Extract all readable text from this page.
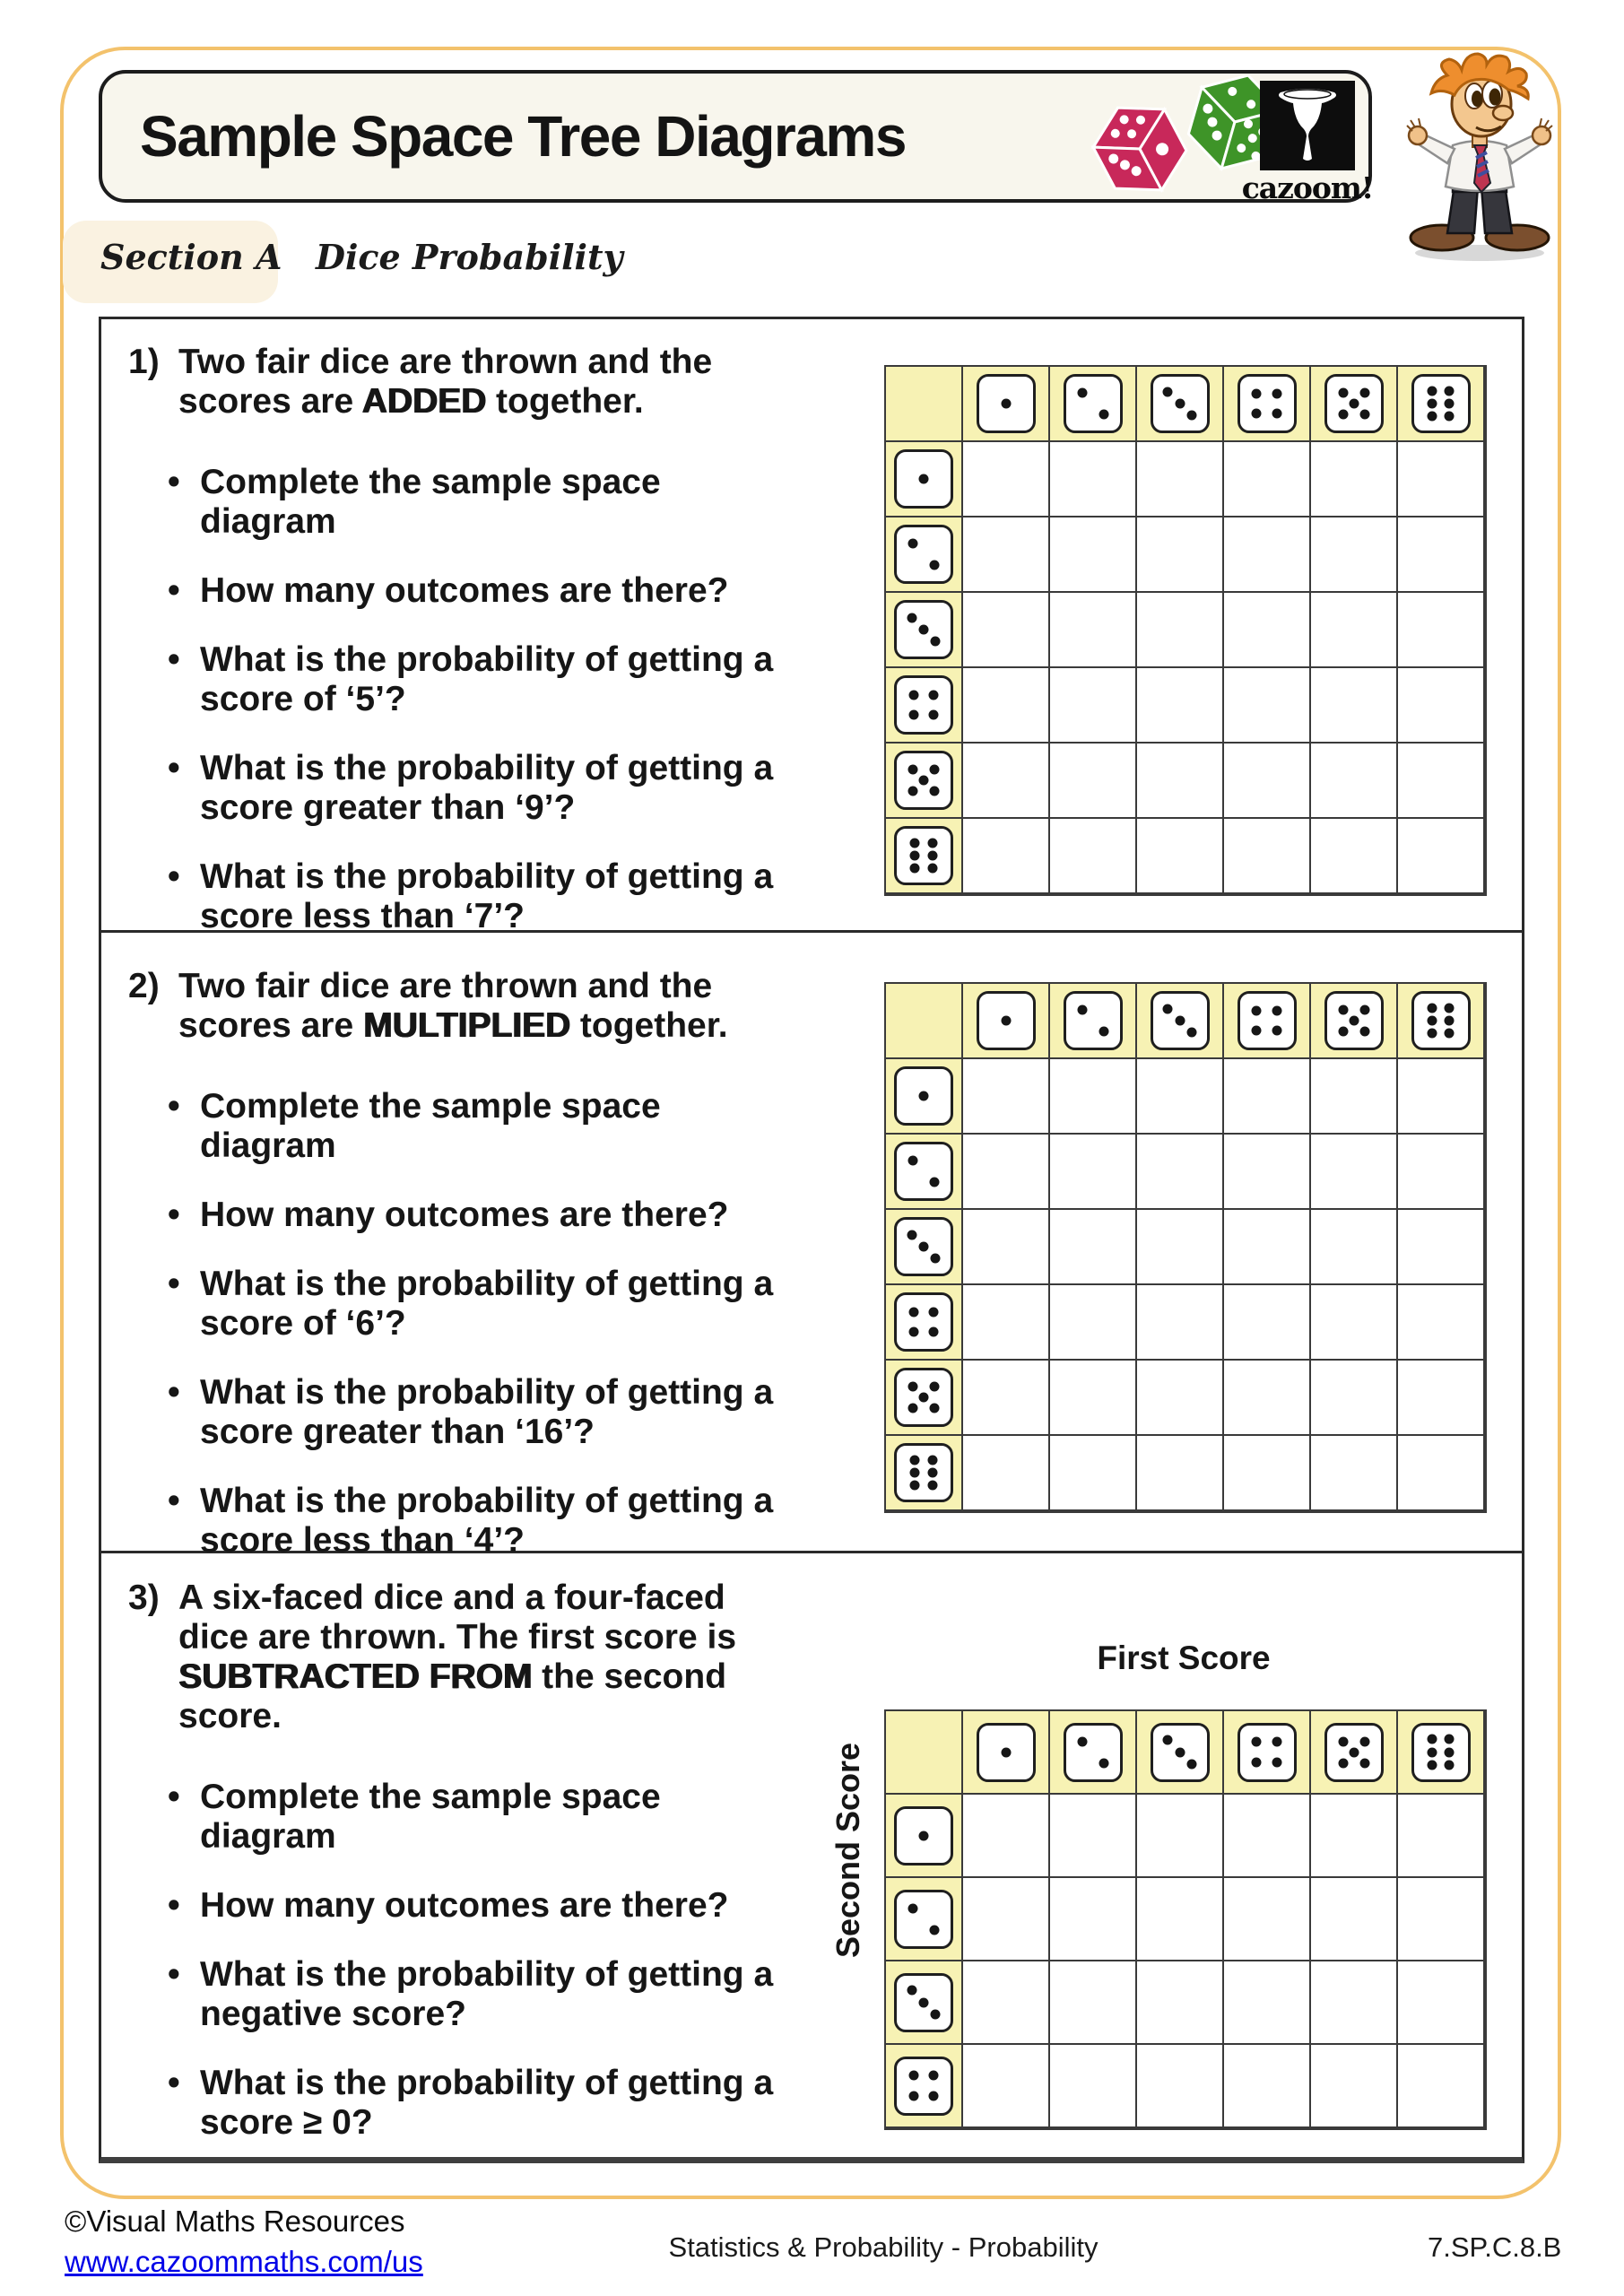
Sample Space Tree Diagrams
cazoom!
Section A Dice Probability
1) Two fair dice are thrown and the scores are ADDED together.
• Complete the sample space diagram
• How many outcomes are there?
• What is the probability of getting a score of ‘5’?
• What is the probability of getting a score greater than ‘9’?
• What is the probability of getting a score less than ‘7’?
2) Two fair dice are thrown and the scores are MULTIPLIED together.
• Complete the sample space diagram
• How many outcomes are there?
• What is the probability of getting a score of ‘6’?
• What is the probability of getting a score greater than ‘16’?
• What is the probability of getting a score less than ‘4’?
3) A six-faced dice and a four-faced dice are thrown. The first score is SUBTRACTED FROM the second score.
• Complete the sample space diagram
• How many outcomes are there?
• What is the probability of getting a negative score?
• What is the probability of getting a score ≥ 0?
First Score
Second Score
©Visual Maths Resources
www.cazoommaths.com/us	Statistics & Probability - Probability	7.SP.C.8.B
